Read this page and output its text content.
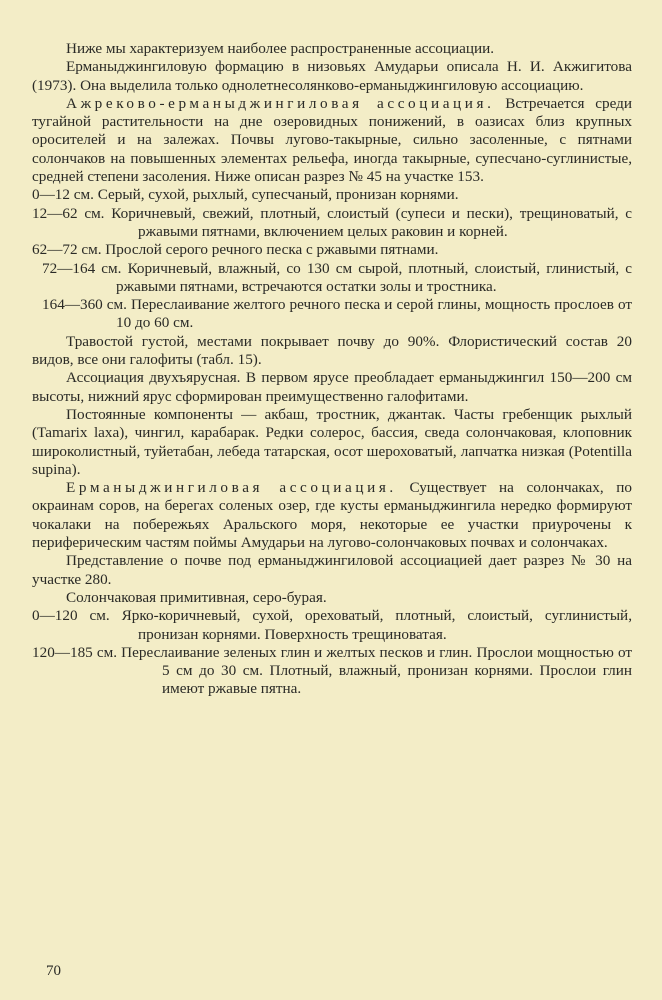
Ниже мы характеризуем наиболее распространенные ассоциации.

Ерманыджингиловую формацию в низовьях Амударьи описала Н. И. Акжигитова (1973). Она выделила только однолетнесолянково-ерманыджингиловую ассоциацию.

Ажреково-ерманыджингиловая ассоциация. Встречается среди тугайной растительности на дне озеровидных понижений, в оазисах близ крупных оросителей и на залежах. Почвы лугово-такырные, сильно засоленные, с пятнами солончаков на повышенных элементах рельефа, иногда такырные, супесчано-суглинистые, средней степени засоления. Ниже описан разрез № 45 на участке 153.

0—12 см. Серый, сухой, рыхлый, супесчаный, пронизан корнями.

12—62 см. Коричневый, свежий, плотный, слоистый (супеси и пески), трещиноватый, с ржавыми пятнами, включением целых раковин и корней.

62—72 см. Прослой серого речного песка с ржавыми пятнами.

72—164 см. Коричневый, влажный, со 130 см сырой, плотный, слоистый, глинистый, с ржавыми пятнами, встречаются остатки золы и тростника.

164—360 см. Переслаивание желтого речного песка и серой глины, мощность прослоев от 10 до 60 см.

Травостой густой, местами покрывает почву до 90%. Флористический состав 20 видов, все они галофиты (табл. 15).

Ассоциация двухъярусная. В первом ярусе преобладает ерманыджингил 150—200 см высоты, нижний ярус сформирован преимущественно галофитами.

Постоянные компоненты — акбаш, тростник, джантак. Часты гребенщик рыхлый (Tamarix laxa), чингил, карабарак. Редки солерос, бассия, сведа солончаковая, клоповник широколистный, туйетабан, лебеда татарская, осот шероховатый, лапчатка низкая (Potentilla supina).

Ерманыджингиловая ассоциация. Существует на солончаках, по окраинам соров, на берегах соленых озер, где кусты ерманыджингила нередко формируют чокалаки на побережьях Аральского моря, некоторые ее участки приурочены к периферическим частям поймы Амударьи на лугово-солончаковых почвах и солончаках.

Представление о почве под ерманыджингиловой ассоциацией дает разрез № 30 на участке 280.

Солончаковая примитивная, серо-бурая.

0—120 см. Ярко-коричневый, сухой, ореховатый, плотный, слоистый, суглинистый, пронизан корнями. Поверхность трещиноватая.

120—185 см. Переслаивание зеленых глин и желтых песков и глин. Прослои мощностью от 5 см до 30 см. Плотный, влажный, пронизан корнями. Прослои глин имеют ржавые пятна.

70
